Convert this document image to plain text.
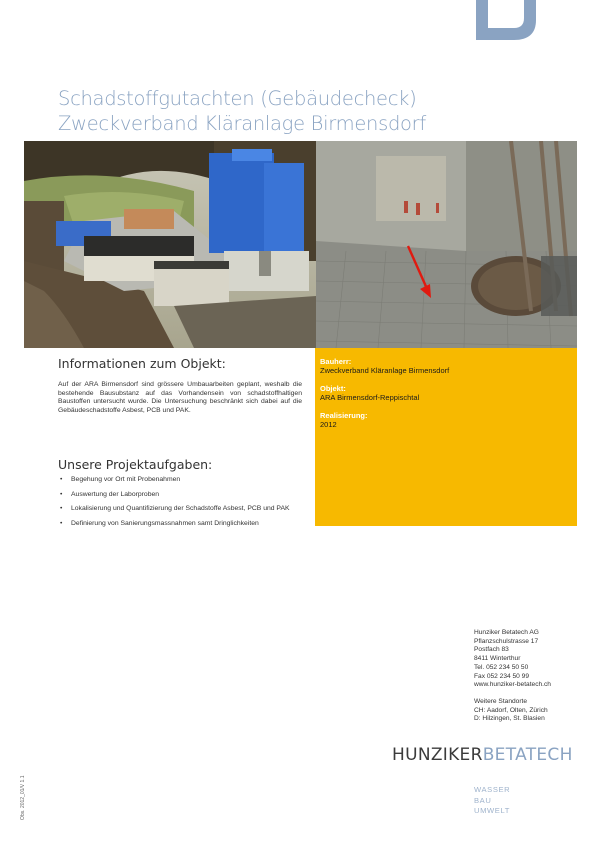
Schadstoffgutachten (Gebäudecheck)
Zweckverband Kläranlage Birmensdorf
Bauherr:
Zweckverband Kläranlage Birmensdorf
Objekt:
ARA Birmensdorf-Reppischtal
Realisierung:
2012
Informationen zum Objekt:
Auf der ARA Birmensdorf sind grössere Umbauarbeiten geplant, weshalb die bestehende Bausubstanz auf das Vorhandensein von schadstoffhaltigen Baustoffen untersucht wurde. Die Untersuchung beschränkt sich dabei auf die Gebäudeschadstoffe Asbest, PCB und PAK.
Unsere Projektaufgaben:
• Begehung vor Ort mit Probenahmen
• Auswertung der Laborproben
• Lokalisierung und Quantifizierung der Schadstoffe Asbest, PCB und PAK
• Definierung von Sanierungsmassnahmen samt Dringlichkeiten
Hunziker Betatech AG
Pflanzschulstrasse 17
Postfach 83
8411 Winterthur
Tel. 052 234 50 50
Fax 052 234 50 99
www.hunziker-betatech.ch
Weitere Standorte
CH: Aadorf, Olten, Zürich
D: Hilzingen, St. Blasien
HUNZIKERBETATECH
WASSER
BAU
UMWELT
Obs. 2012_01/V 1.1
